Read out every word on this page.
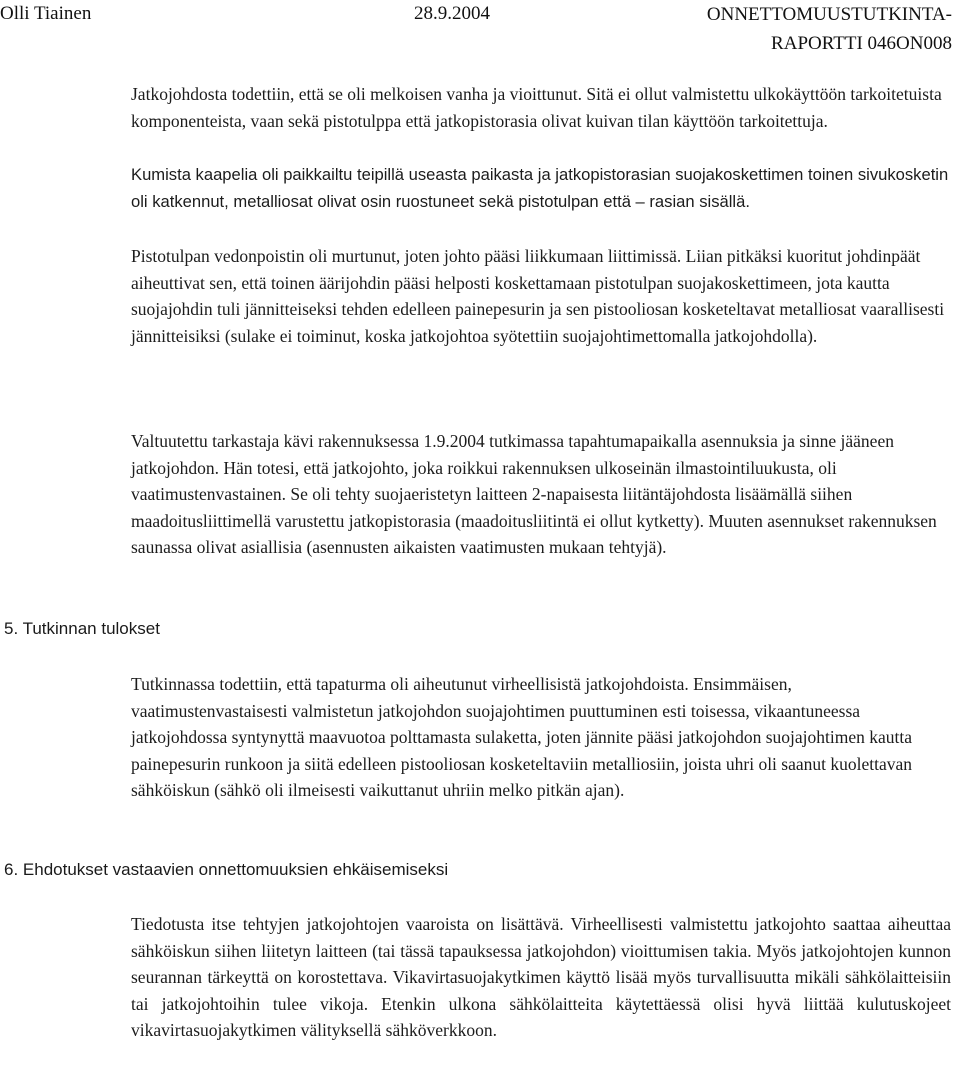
Olli Tiainen	28.9.2004	ONNETTOMUUSTUTKINTA-
RAPORTTI 046ON008

Jatkojohdosta todettiin, että se oli melkoisen vanha ja vioittunut. Sitä ei ollut valmistettu ulkokäyttöön tarkoitetuista komponenteista, vaan sekä pistotulppa että jatkopistorasia olivat kuivan tilan käyttöön tarkoitettuja.

Kumista kaapelia oli paikkailtu teipillä useasta paikasta ja jatkopistorasian suojakoskettimen toinen sivukosketin oli katkennut, metalliosat olivat osin ruostuneet sekä pistotulpan että – rasian sisällä.

Pistotulpan vedonpoistin oli murtunut, joten johto pääsi liikkumaan liittimissä. Liian pitkäksi kuoritut johdinpäät aiheuttivat sen, että toinen äärijohdin pääsi helposti koskettamaan pistotulpan suojakoskettimeen, jota kautta suojajohdin tuli jännitteiseksi tehden edelleen painepesurin ja sen pistooliosan kosketeltavat metalliosat vaarallisesti jännitteisiksi (sulake ei toiminut, koska jatkojohtoa syötettiin suojajohtimettomalla jatkojohdolla).

Valtuutettu tarkastaja kävi rakennuksessa 1.9.2004 tutkimassa tapahtumapaikalla asennuksia ja sinne jääneen jatkojohdon. Hän totesi, että jatkojohto, joka roikkui rakennuksen ulkoseinän ilmastointiluukusta, oli vaatimustenvastainen. Se oli tehty suojaeristetyn laitteen 2-napaisesta liitäntäjohdosta lisäämällä siihen maadoitusliittimellä varustettu jatkopistorasia (maadoitusliitintä ei ollut kytketty). Muuten asennukset rakennuksen saunassa olivat asiallisia (asennusten aikaisten vaatimusten mukaan tehtyjä).

5. Tutkinnan tulokset

Tutkinnassa todettiin, että tapaturma oli aiheutunut virheellisistä jatkojohdoista. Ensimmäisen, vaatimustenvastaisesti valmistetun jatkojohdon suojajohtimen puuttuminen esti toisessa, vikaantuneessa jatkojohdossa syntynyttä maavuotoa polttamasta sulaketta, joten jännite pääsi jatkojohdon suojajohtimen kautta painepesurin runkoon ja siitä edelleen pistooliosan kosketeltaviin metalliosiin, joista uhri oli saanut kuolettavan sähköiskun (sähkö oli ilmeisesti vaikuttanut uhriin melko pitkän ajan).

6. Ehdotukset vastaavien onnettomuuksien ehkäisemiseksi

Tiedotusta itse tehtyjen jatkojohtojen vaaroista on lisättävä. Virheellisesti valmistettu jatkojohto saattaa aiheuttaa sähköiskun siihen liitetyn laitteen (tai tässä tapauksessa jatkojohdon) vioittumisen takia. Myös jatkojohtojen kunnon seurannan tärkeyttä on korostettava. Vikavirtasuojakytkimen käyttö lisää myös turvallisuutta mikäli sähkölaitteisiin tai jatkojohtoihin tulee vikoja. Etenkin ulkona sähkölaitteita käytettäessä olisi hyvä liittää kulutuskojeet vikavirtasuojakytkimen välityksellä sähköverkkoon.
